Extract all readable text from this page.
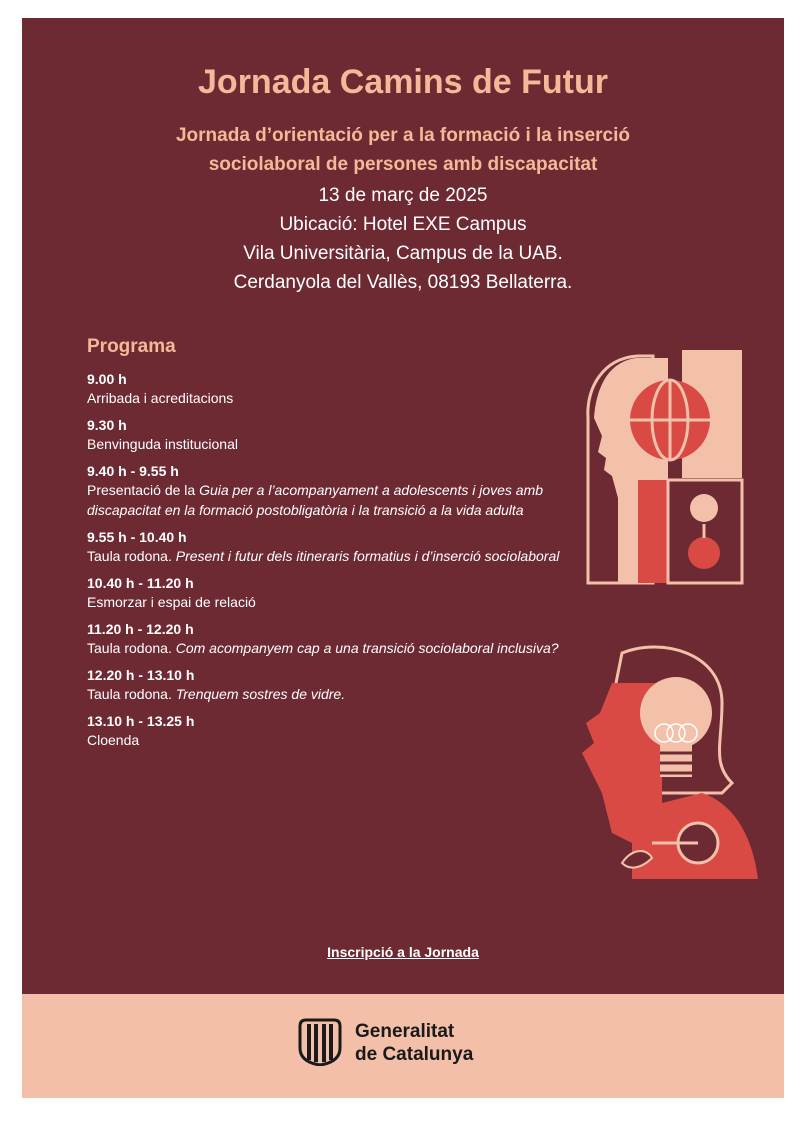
Jornada Camins de Futur
Jornada d’orientació per a la formació i la inserció
sociolaboral de persones amb discapacitat
13 de març de 2025
Ubicació: Hotel EXE Campus
Vila Universitària, Campus de la UAB.
Cerdanyola del Vallès, 08193 Bellaterra.
Programa
9.00 h
Arribada i acreditacions
9.30 h
Benvinguda institucional
9.40 h - 9.55 h
Presentació de la Guia per a l’acompanyament a adolescents i joves amb discapacitat en la formació postobligatòria i la transició a la vida adulta
9.55 h - 10.40 h
Taula rodona. Present i futur dels itineraris formatius i d’inserció sociolaboral
10.40 h - 11.20 h
Esmorzar i espai de relació
11.20 h - 12.20 h
Taula rodona. Com acompanyem cap a una transició sociolaboral inclusiva?
12.20 h - 13.10 h
Taula rodona. Trenquem sostres de vidre.
13.10 h - 13.25 h
Cloenda
Inscripció a la Jornada
Generalitat
de Catalunya
